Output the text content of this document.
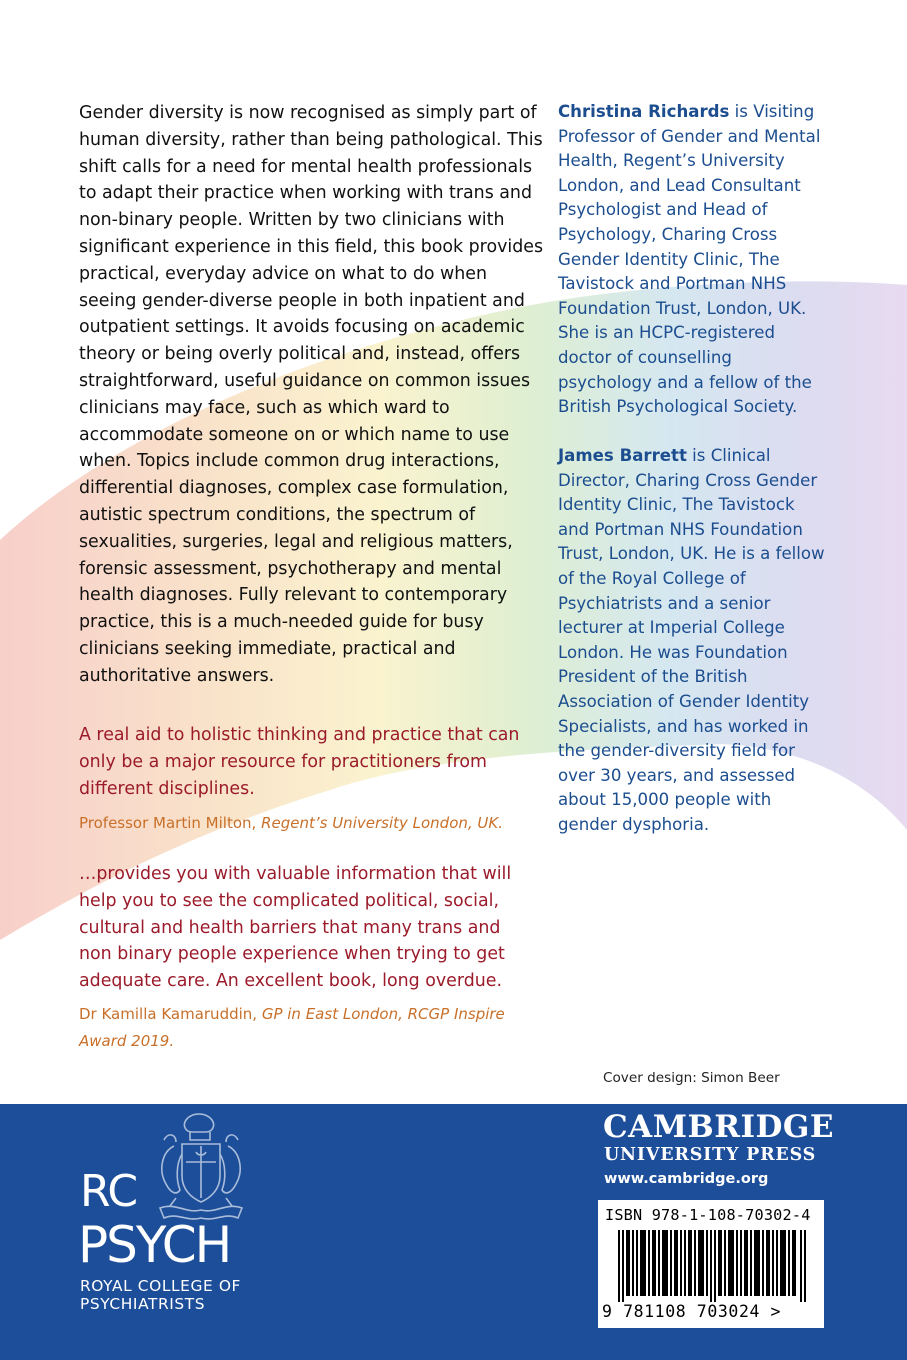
Gender diversity is now recognised as simply part of human diversity, rather than being pathological. This shift calls for a need for mental health professionals to adapt their practice when working with trans and non-binary people. Written by two clinicians with significant experience in this field, this book provides practical, everyday advice on what to do when seeing gender-diverse people in both inpatient and outpatient settings. It avoids focusing on academic theory or being overly political and, instead, offers straightforward, useful guidance on common issues clinicians may face, such as which ward to accommodate someone on or which name to use when. Topics include common drug interactions, differential diagnoses, complex case formulation, autistic spectrum conditions, the spectrum of sexualities, surgeries, legal and religious matters, forensic assessment, psychotherapy and mental health diagnoses. Fully relevant to contemporary practice, this is a much-needed guide for busy clinicians seeking immediate, practical and authoritative answers.

A real aid to holistic thinking and practice that can only be a major resource for practitioners from different disciplines.

Professor Martin Milton, Regent’s University London, UK.

…provides you with valuable information that will help you to see the complicated political, social, cultural and health barriers that many trans and non binary people experience when trying to get adequate care. An excellent book, long overdue.

Dr Kamilla Kamaruddin, GP in East London, RCGP Inspire Award 2019.

Christina Richards is Visiting Professor of Gender and Mental Health, Regent’s University London, and Lead Consultant Psychologist and Head of Psychology, Charing Cross Gender Identity Clinic, The Tavistock and Portman NHS Foundation Trust, London, UK. She is an HCPC-registered doctor of counselling psychology and a fellow of the British Psychological Society.

James Barrett is Clinical Director, Charing Cross Gender Identity Clinic, The Tavistock and Portman NHS Foundation Trust, London, UK. He is a fellow of the Royal College of Psychiatrists and a senior lecturer at Imperial College London. He was Foundation President of the British Association of Gender Identity Specialists, and has worked in the gender-diversity field for over 30 years, and assessed about 15,000 people with gender dysphoria.

Cover design: Simon Beer

RC

PSYCH

ROYAL COLLEGE OF
PSYCHIATRISTS

CAMBRIDGE

UNIVERSITY PRESS

www.cambridge.org

ISBN 978-1-108-70302-4

9 781108 703024 >
